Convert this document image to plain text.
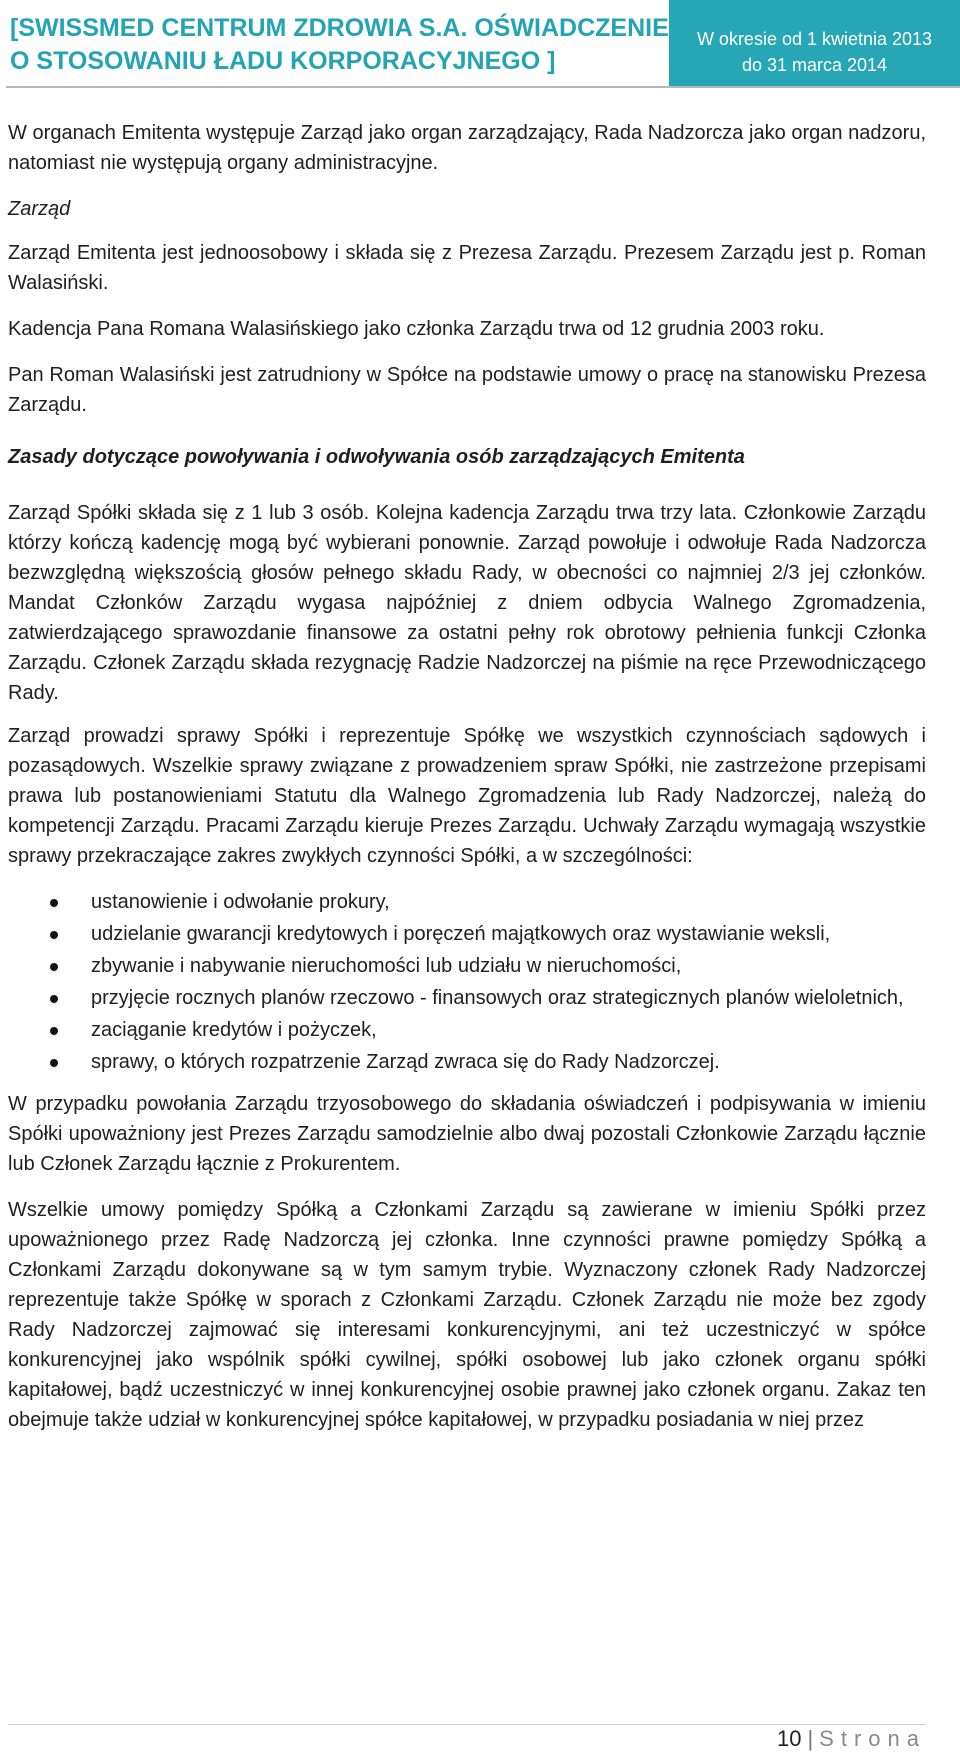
[SWISSMED CENTRUM ZDROWIA S.A. OŚWIADCZENIE O STOSOWANIU ŁADU KORPORACYJNEGO ]
W okresie od 1 kwietnia 2013
do 31 marca 2014

W organach Emitenta występuje Zarząd jako organ zarządzający, Rada Nadzorcza jako organ nadzoru, natomiast nie występują organy administracyjne.

Zarząd

Zarząd Emitenta jest jednoosobowy i składa się z Prezesa Zarządu. Prezesem Zarządu jest p. Roman Walasiński.

Kadencja Pana Romana Walasińskiego jako członka Zarządu trwa od 12 grudnia 2003 roku.

Pan Roman Walasiński jest zatrudniony w Spółce na podstawie umowy o pracę na stanowisku Prezesa Zarządu.

Zasady dotyczące powoływania i odwoływania osób zarządzających Emitenta

Zarząd Spółki składa się z 1 lub 3 osób. Kolejna kadencja Zarządu trwa trzy lata. Członkowie Zarządu którzy kończą kadencję mogą być wybierani ponownie. Zarząd powołuje i odwołuje Rada Nadzorcza bezwzględną większością głosów pełnego składu Rady, w obecności co najmniej 2/3 jej członków. Mandat Członków Zarządu wygasa najpóźniej z dniem odbycia Walnego Zgromadzenia, zatwierdzającego sprawozdanie finansowe za ostatni pełny rok obrotowy pełnienia funkcji Członka Zarządu. Członek Zarządu składa rezygnację Radzie Nadzorczej na piśmie na ręce Przewodniczącego Rady.

Zarząd prowadzi sprawy Spółki i reprezentuje Spółkę we wszystkich czynnościach sądowych i pozasądowych. Wszelkie sprawy związane z prowadzeniem spraw Spółki, nie zastrzeżone przepisami prawa lub postanowieniami Statutu dla Walnego Zgromadzenia lub Rady Nadzorczej, należą do kompetencji Zarządu. Pracami Zarządu kieruje Prezes Zarządu. Uchwały Zarządu wymagają wszystkie sprawy przekraczające zakres zwykłych czynności Spółki, a w szczególności:

ustanowienie i odwołanie prokury,
udzielanie gwarancji kredytowych i poręczeń majątkowych oraz wystawianie weksli,
zbywanie i nabywanie nieruchomości lub udziału w nieruchomości,
przyjęcie rocznych planów rzeczowo - finansowych oraz strategicznych planów wieloletnich,
zaciąganie kredytów i pożyczek,
sprawy, o których rozpatrzenie Zarząd zwraca się do Rady Nadzorczej.

W przypadku powołania Zarządu trzyosobowego do składania oświadczeń i podpisywania w imieniu Spółki upoważniony jest Prezes Zarządu samodzielnie albo dwaj pozostali Członkowie Zarządu łącznie lub Członek Zarządu łącznie z Prokurentem.

Wszelkie umowy pomiędzy Spółką a Członkami Zarządu są zawierane w imieniu Spółki przez upoważnionego przez Radę Nadzorczą jej członka. Inne czynności prawne pomiędzy Spółką a Członkami Zarządu dokonywane są w tym samym trybie. Wyznaczony członek Rady Nadzorczej reprezentuje także Spółkę w sporach z Członkami Zarządu. Członek Zarządu nie może bez zgody Rady Nadzorczej zajmować się interesami konkurencyjnymi, ani też uczestniczyć w spółce konkurencyjnej jako wspólnik spółki cywilnej, spółki osobowej lub jako członek organu spółki kapitałowej, bądź uczestniczyć w innej konkurencyjnej osobie prawnej jako członek organu. Zakaz ten obejmuje także udział w konkurencyjnej spółce kapitałowej, w przypadku posiadania w niej przez

10 | Strona
